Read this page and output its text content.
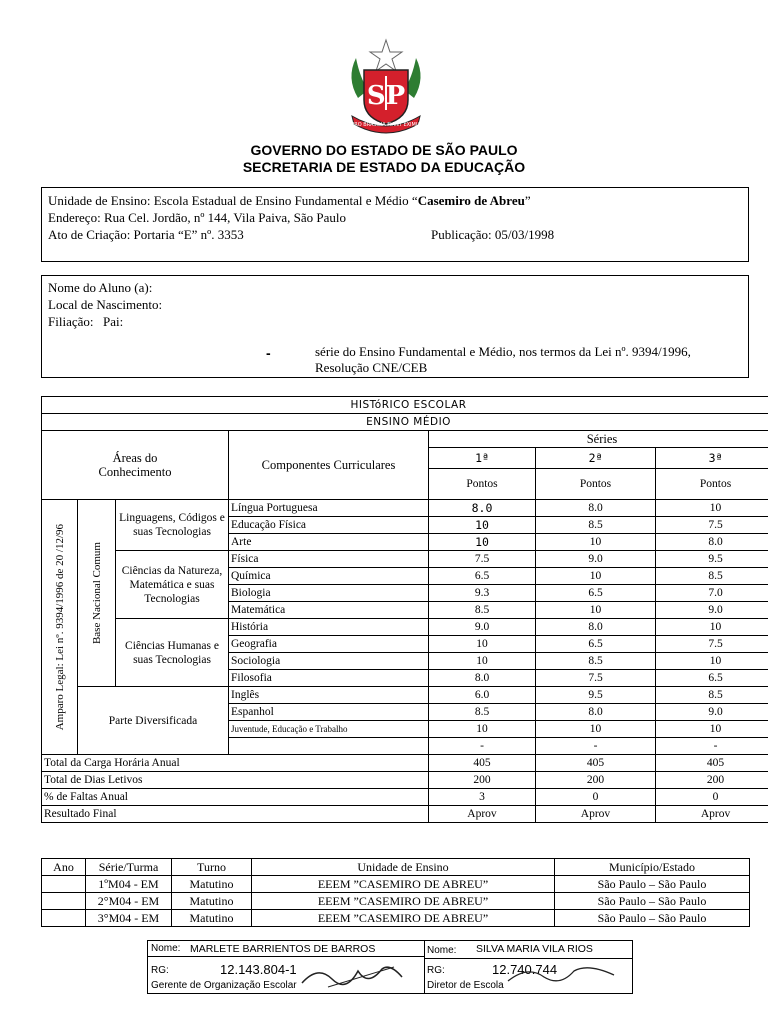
SP
PRO BRASILIA FIANT EXIMIA
GOVERNO DO ESTADO DE SÃO PAULO
SECRETARIA DE ESTADO DA EDUCAÇÃO
Unidade de Ensino: Escola Estadual de Ensino Fundamental e Médio “Casemiro de Abreu”
Endereço: Rua Cel. Jordão, nº 144, Vila Paiva, São Paulo
Ato de Criação: Portaria “E” nº. 3353	Publicação: 05/03/1998
Nome do Aluno (a):
Local de Nascimento:
Filiação: Pai:
-	série do Ensino Fundamental e Médio, nos termos da Lei nº. 9394/1996,
Resolução CNE/CEB
HISTóRICO ESCOLAR						
ENSINO MÉDIO						
Áreas do Conhecimento			Componentes Curriculares	Séries		
				1ª	2ª	3ª
				Pontos	Pontos	Pontos

Amparo Legal: Lei nº. 9394/1996 de 20 /12/96	Base Nacional Comum	Linguagens, Códigos e suas Tecnologias	Língua Portuguesa	8.0	8.0	10
			Educação Física	10	8.5	7.5
			Arte	10	10	8.0
		Ciências da Natureza, Matemática e suas Tecnologias	Física	7.5	9.0	9.5
			Química	6.5	10	8.5
			Biologia	9.3	6.5	7.0
			Matemática	8.5	10	9.0
		Ciências Humanas e suas Tecnologias	História	9.0	8.0	10
			Geografia	10	6.5	7.5
			Sociologia	10	8.5	10
			Filosofia	8.0	7.5	6.5
	Parte Diversificada		Inglês	6.0	9.5	8.5
			Espanhol	8.5	8.0	9.0
			Juventude, Educação e Trabalho	10	10	10
				-	-	-
Total da Carga Horária Anual				405	405	405
Total de Dias Letivos				200	200	200
% de Faltas Anual				3	0	0
Resultado Final				Aprov	Aprov	Aprov
Ano	Série/Turma	Turno	Unidade de Ensino	Município/Estado
	1ºM04 - EM	Matutino	EEEM ”CASEMIRO DE ABREU”	São Paulo – São Paulo
	2°M04 - EM	Matutino	EEEM ”CASEMIRO DE ABREU”	São Paulo – São Paulo
	3°M04 - EM	Matutino	EEEM ”CASEMIRO DE ABREU”	São Paulo – São Paulo
Nome: MARLETE BARRIENTOS DE BARROS
RG:	12.143.804-1
Gerente de Organização Escolar
Nome: SILVA MARIA VILA RIOS
RG:	12.740.744
Diretor de Escola
